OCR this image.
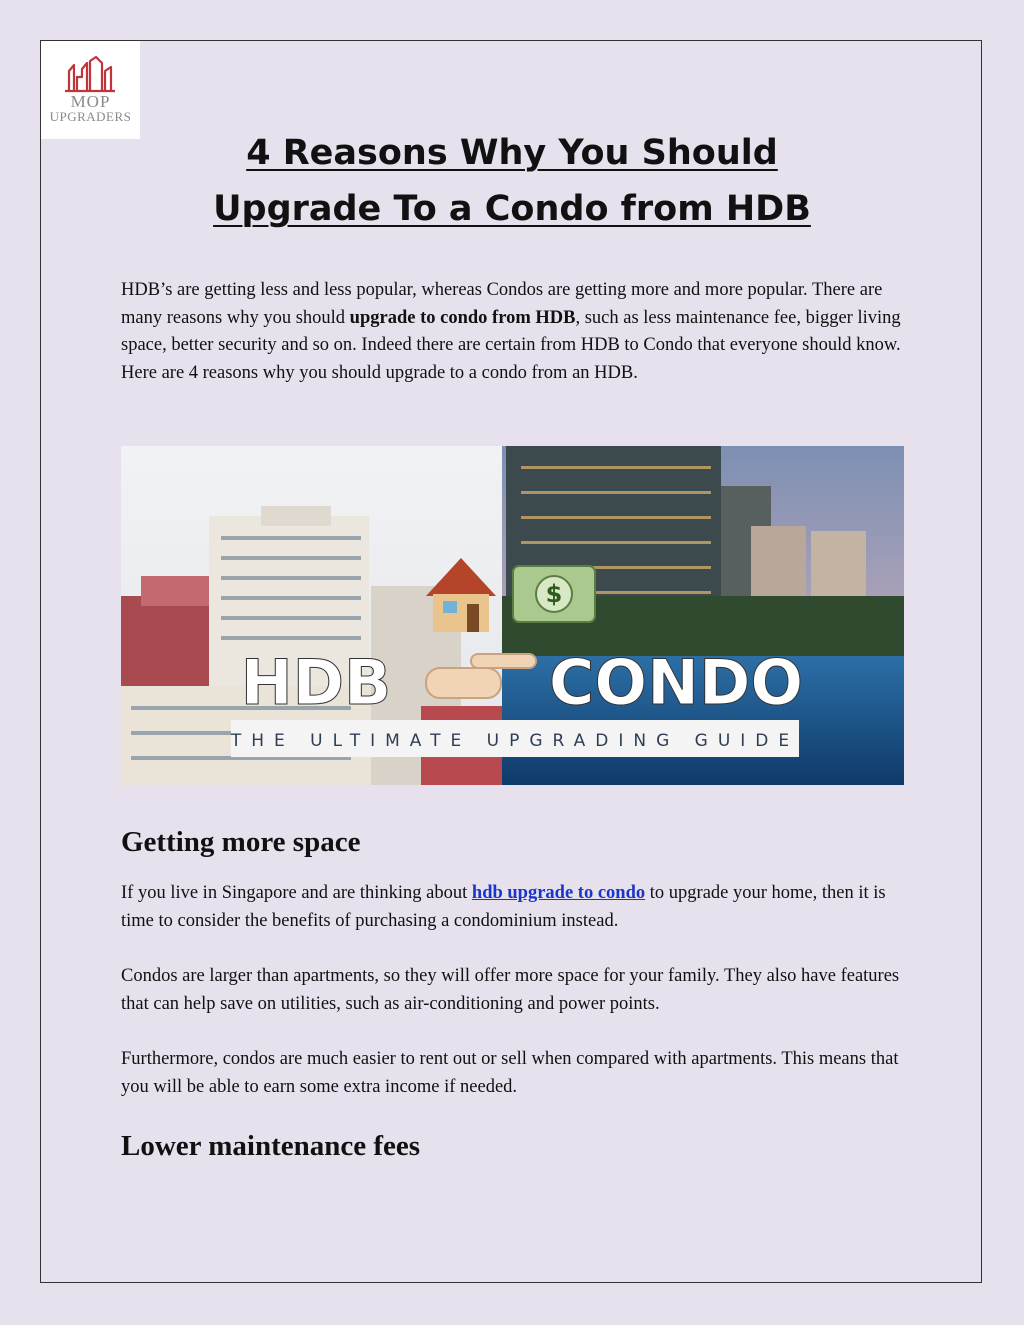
MOP
UPGRADERS
4 Reasons Why You Should
Upgrade To a Condo from HDB

HDB’s are getting less and less popular, whereas Condos are getting more and more popular. There are many reasons why you should upgrade to condo from HDB, such as less maintenance fee, bigger living space, better security and so on. Indeed there are certain from HDB to Condo that everyone should know.
Here are 4 reasons why you should upgrade to a condo from an HDB.

THE ULTIMATE UPGRADING GUIDE
HDB	CONDO
$
Getting more space

If you live in Singapore and are thinking about hdb upgrade to condo to upgrade your home, then it is time to consider the benefits of purchasing a condominium instead.

Condos are larger than apartments, so they will offer more space for your family. They also have features that can help save on utilities, such as air-conditioning and power points.

Furthermore, condos are much easier to rent out or sell when compared with apartments. This means that you will be able to earn some extra income if needed.

Lower maintenance fees
